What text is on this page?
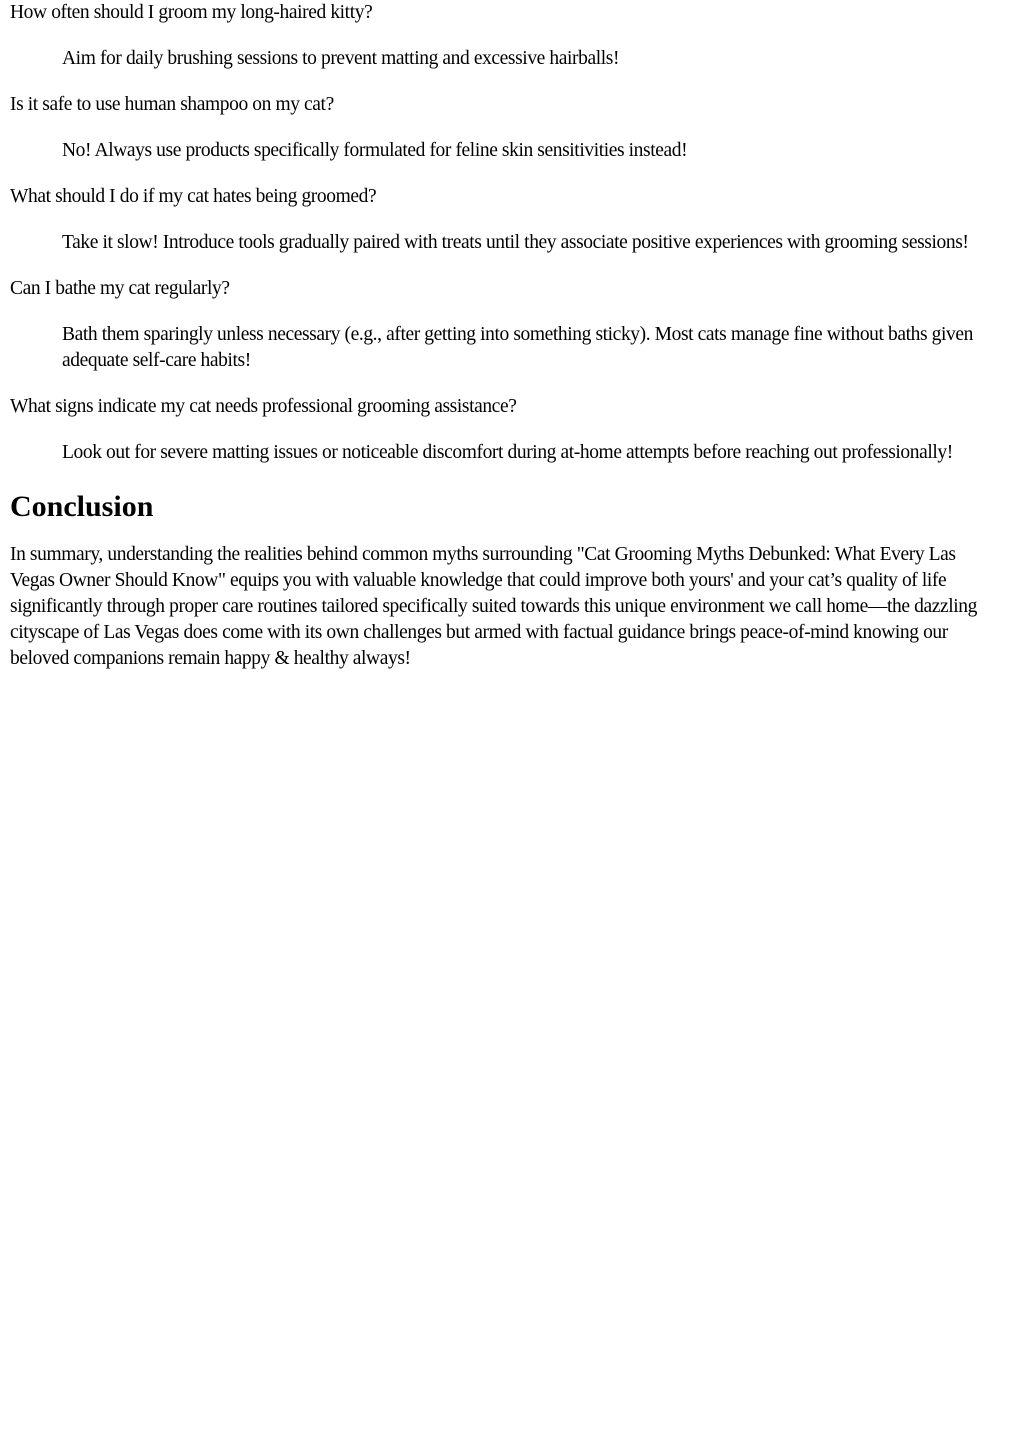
How often should I groom my long-haired kitty?

Aim for daily brushing sessions to prevent matting and excessive hairballs!

Is it safe to use human shampoo on my cat?

No! Always use products specifically formulated for feline skin sensitivities instead!

What should I do if my cat hates being groomed?

Take it slow! Introduce tools gradually paired with treats until they associate positive experiences with grooming sessions!

Can I bathe my cat regularly?

Bath them sparingly unless necessary (e.g., after getting into something sticky). Most cats manage fine without baths given adequate self-care habits!

What signs indicate my cat needs professional grooming assistance?

Look out for severe matting issues or noticeable discomfort during at-home attempts before reaching out professionally!

Conclusion

In summary, understanding the realities behind common myths surrounding "Cat Grooming Myths Debunked: What Every Las Vegas Owner Should Know" equips you with valuable knowledge that could improve both yours' and your cat’s quality of life significantly through proper care routines tailored specifically suited towards this unique environment we call home—the dazzling cityscape of Las Vegas does come with its own challenges but armed with factual guidance brings peace-of-mind knowing our beloved companions remain happy & healthy always!
